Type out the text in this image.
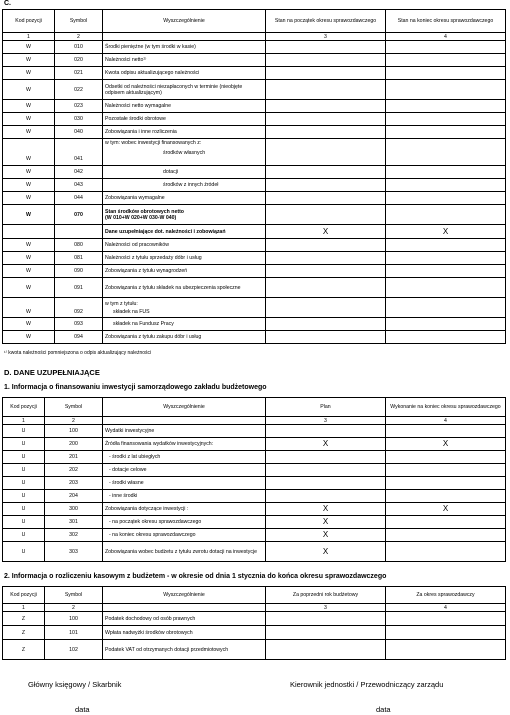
C.
Kod pozycji	Symbol	Wyszczególnienie	Stan na początek okresu sprawozdawczego	Stan na koniec okresu sprawozdawczego
1	2		3	4
W	010	Środki pieniężne (w tym środki w kasie)		
W	020	Należności netto¹⁾		
W	021	Kwota odpisu aktualizującego należności		
W	022	Odsetki od należności niezapłaconych w terminie (nieobjęte odpisem aktualizującym)		
W	023	Należności netto wymagalne		
W	030	Pozostałe środki obrotowe		
W	040	Zobowiązania i inne rozliczenia		
W	041	w tym: wobec inwestycji finansowanych z:
środków własnych		

W	042	dotacji		
W	043	środków z innych źródeł		
W	044	Zobowiązania wymagalne		
W	070	Stan środków obrotowych netto
(W 010+W 020+W 030-W 040)		

		Dane uzupełniające dot. należności i zobowiązań	X	X
W	080	Należności od pracowników		
W	081	Należności z tytułu sprzedaży dóbr i usług		
W	090	Zobowiązania z tytułu wynagrodzeń		
W	091	Zobowiązania z tytułu składek na ubezpieczenia społeczne		
W	092	w tym z tytułu:
składek na FUS		

W	093	składek na Fundusz Pracy		
W	094	Zobowiązania z tytułu zakupu dóbr i usług		
¹⁾ kwota należności pomniejszona o odpis aktualizujący należności
D. DANE UZUPEŁNIAJĄCE
1. Informacja o finansowaniu inwestycji samorządowego zakładu budżetowego
Kod pozycji	Symbol	Wyszczególnienie	Plan	Wykonanie na koniec okresu sprawozdawczego
1	2		3	4
U	100	Wydatki inwestycyjne		
U	200	Źródła finansowania wydatków inwestycyjnych:	X	X
U	201	- środki z lat ubiegłych		
U	202	- dotacje celowe		
U	203	- środki własne		
U	204	- inne środki		
U	300	Zobowiązania dotyczące inwestycji :	X	X
U	301	- na początek okresu sprawozdawczego	X	
U	302	- na koniec okresu sprawozdawczego	X	
U	303	Zobowiązania wobec budżetu z tytułu zwrotu dotacji na inwestycje	X	
2. Informacja o rozliczeniu kasowym z budżetem - w okresie od dnia 1 stycznia do końca okresu sprawozdawczego
Kod pozycji	Symbol	Wyszczególnienie	Za poprzedni rok budżetowy	Za okres sprawozdawczy
1	2		3	4
Z	100	Podatek dochodowy od osób prawnych		
Z	101	Wpłata nadwyżki środków obrotowych		
Z	102	Podatek VAT od otrzymanych dotacji przedmiotowych		
Główny księgowy / Skarbnik
data
Kierownik jednostki / Przewodniczący zarządu
data
